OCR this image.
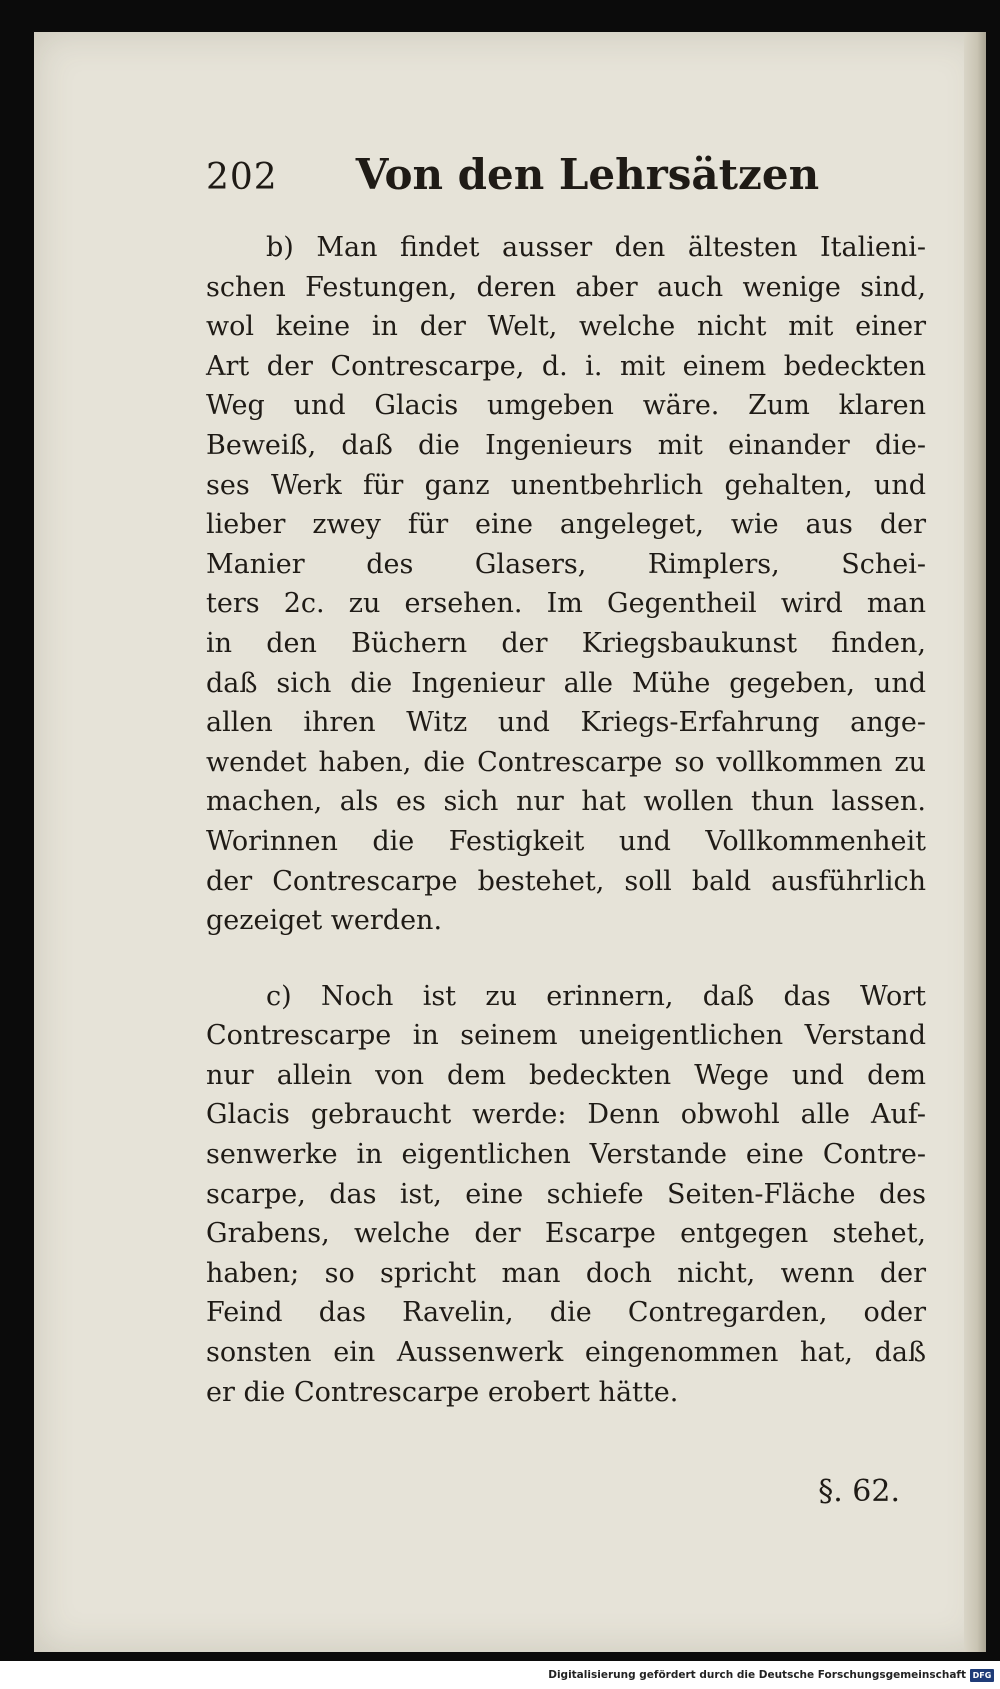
202 Von den Lehrsätzen

b) Man findet ausser den ältesten Italieni-
schen Festungen, deren aber auch wenige sind,
wol keine in der Welt, welche nicht mit einer
Art der Contrescarpe, d. i. mit einem bedeckten
Weg und Glacis umgeben wäre. Zum klaren
Beweiß, daß die Ingenieurs mit einander die-
ses Werk für ganz unentbehrlich gehalten, und
lieber zwey für eine angeleget, wie aus der
Manier des Glasers, Rimplers, Schei-
ters 2c. zu ersehen. Im Gegentheil wird man
in den Büchern der Kriegsbaukunst finden,
daß sich die Ingenieur alle Mühe gegeben, und
allen ihren Witz und Kriegs-Erfahrung ange-
wendet haben, die Contrescarpe so vollkommen zu
machen, als es sich nur hat wollen thun lassen.
Worinnen die Festigkeit und Vollkommenheit
der Contrescarpe bestehet, soll bald ausführlich
gezeiget werden.

c) Noch ist zu erinnern, daß das Wort
Contrescarpe in seinem uneigentlichen Verstand
nur allein von dem bedeckten Wege und dem
Glacis gebraucht werde: Denn obwohl alle Auf-
senwerke in eigentlichen Verstande eine Contre-
scarpe, das ist, eine schiefe Seiten-Fläche des
Grabens, welche der Escarpe entgegen stehet,
haben; so spricht man doch nicht, wenn der
Feind das Ravelin, die Contregarden, oder
sonsten ein Aussenwerk eingenommen hat, daß
er die Contrescarpe erobert hätte.

§. 62.
Digitalisierung gefördert durch die Deutsche Forschungsgemeinschaft DFG
